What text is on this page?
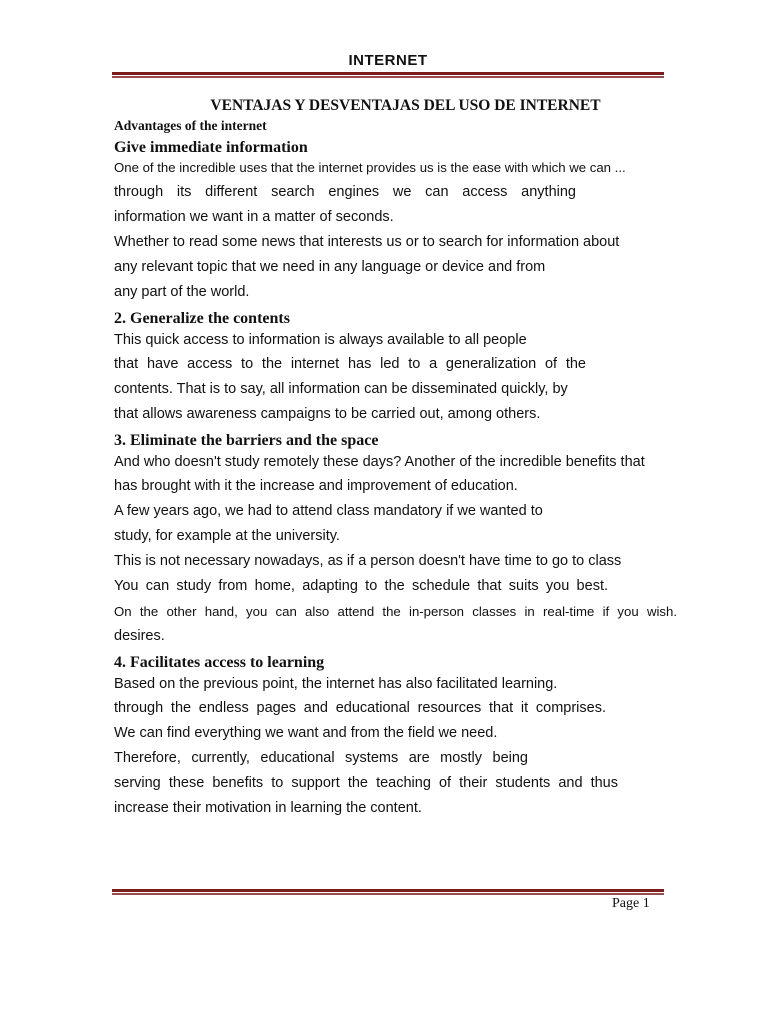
INTERNET
VENTAJAS Y DESVENTAJAS DEL USO DE INTERNET
Advantages of the internet
Give immediate information
One of the incredible uses that the internet provides us is the ease with which we can ...
through its different search engines we can access anything
information we want in a matter of seconds.
Whether to read some news that interests us or to search for information about
any relevant topic that we need in any language or device and from
any part of the world.
2. Generalize the contents
This quick access to information is always available to all people
that have access to the internet has led to a generalization of the
contents. That is to say, all information can be disseminated quickly, by
that allows awareness campaigns to be carried out, among others.
3. Eliminate the barriers and the space
And who doesn't study remotely these days? Another of the incredible benefits that
has brought with it the increase and improvement of education.
A few years ago, we had to attend class mandatory if we wanted to
study, for example at the university.
This is not necessary nowadays, as if a person doesn't have time to go to class
You can study from home, adapting to the schedule that suits you best.
On the other hand, you can also attend the in-person classes in real-time if you wish.
desires.
4. Facilitates access to learning
Based on the previous point, the internet has also facilitated learning.
through the endless pages and educational resources that it comprises.
We can find everything we want and from the field we need.
Therefore, currently, educational systems are mostly being
serving these benefits to support the teaching of their students and thus
increase their motivation in learning the content.
Page 1
